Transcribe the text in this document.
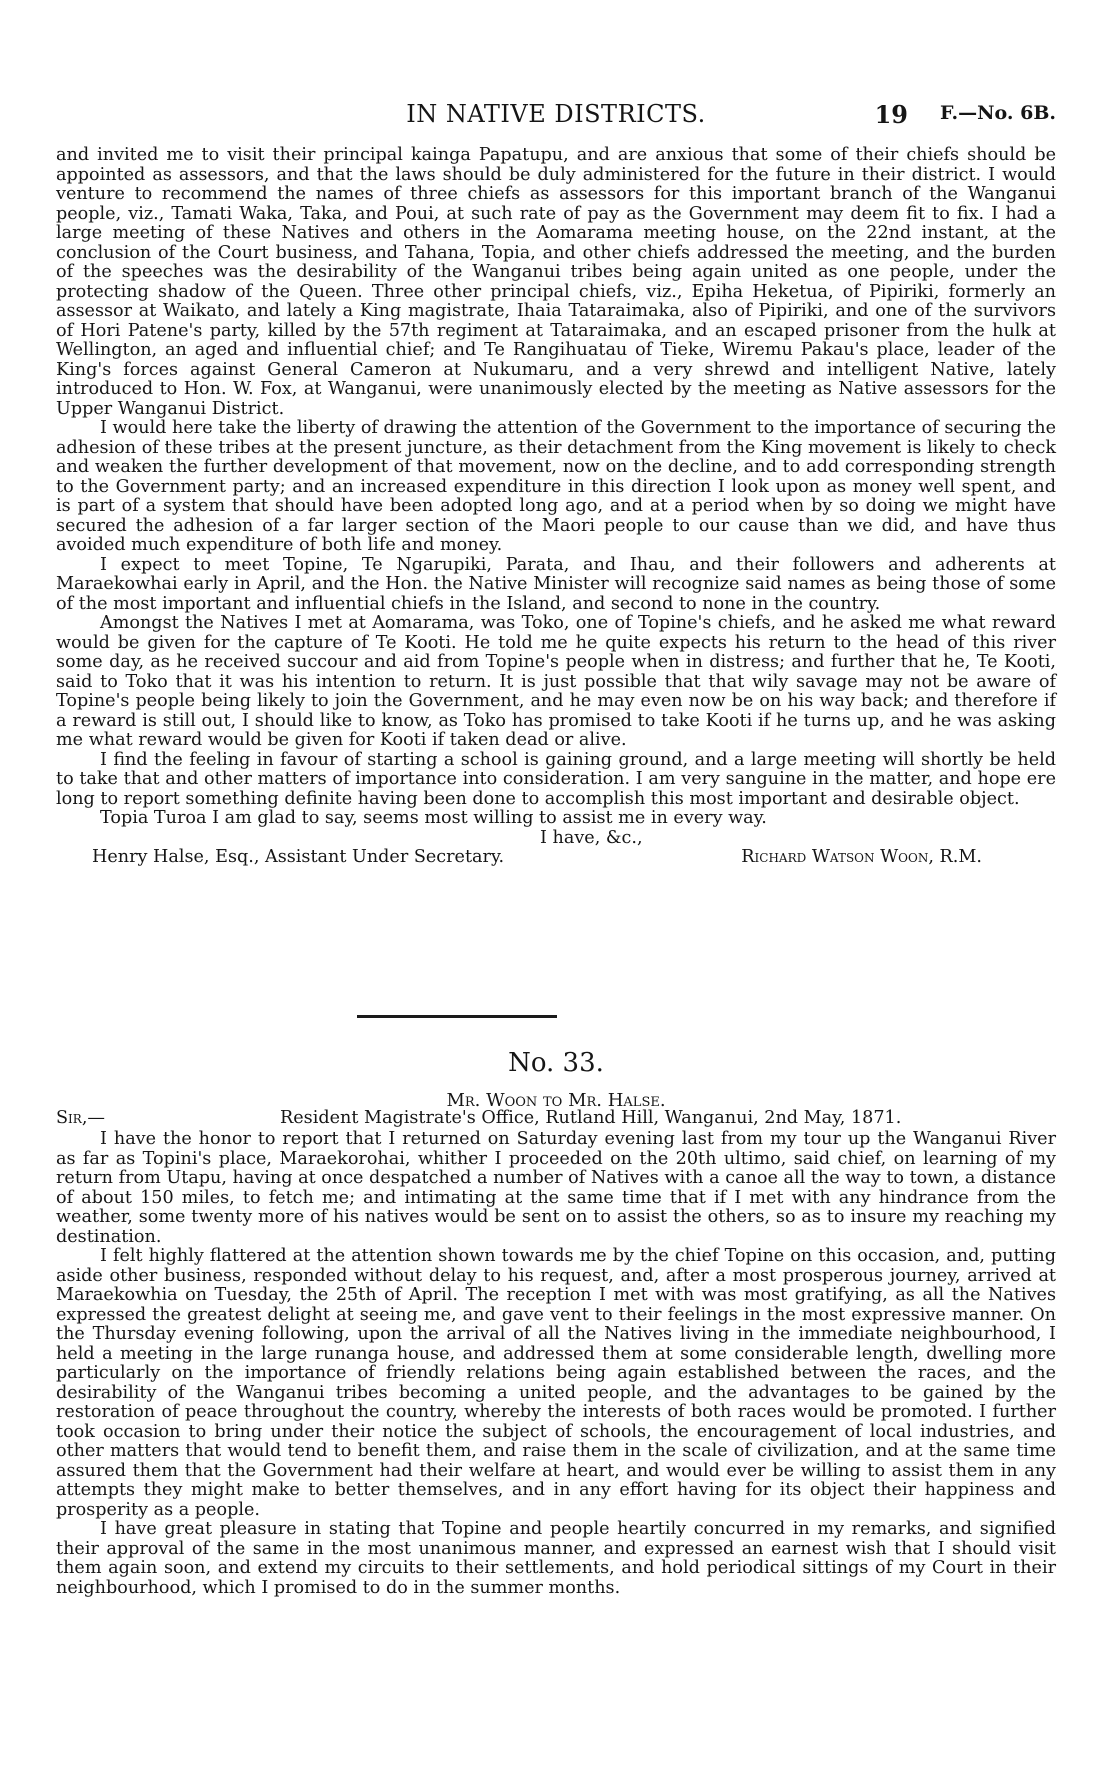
IN NATIVE DISTRICTS.	19 F.—No. 6B.

and invited me to visit their principal kainga Papatupu, and are anxious that some of their chiefs should be appointed as assessors, and that the laws should be duly administered for the future in their district. I would venture to recommend the names of three chiefs as assessors for this important branch of the Wanganui people, viz., Tamati Waka, Taka, and Poui, at such rate of pay as the Government may deem fit to fix. I had a large meeting of these Natives and others in the Aomarama meeting house, on the 22nd instant, at the conclusion of the Court business, and Tahana, Topia, and other chiefs addressed the meeting, and the burden of the speeches was the desirability of the Wanganui tribes being again united as one people, under the protecting shadow of the Queen. Three other principal chiefs, viz., Epiha Heketua, of Pipiriki, formerly an assessor at Waikato, and lately a King magistrate, Ihaia Tataraimaka, also of Pipiriki, and one of the survivors of Hori Patene's party, killed by the 57th regiment at Tataraimaka, and an escaped prisoner from the hulk at Wellington, an aged and influential chief; and Te Rangihuatau of Tieke, Wiremu Pakau's place, leader of the King's forces against General Cameron at Nukumaru, and a very shrewd and intelligent Native, lately introduced to Hon. W. Fox, at Wanganui, were unanimously elected by the meeting as Native assessors for the Upper Wanganui District.

I would here take the liberty of drawing the attention of the Government to the importance of securing the adhesion of these tribes at the present juncture, as their detachment from the King movement is likely to check and weaken the further development of that movement, now on the decline, and to add corresponding strength to the Government party; and an increased expenditure in this direction I look upon as money well spent, and is part of a system that should have been adopted long ago, and at a period when by so doing we might have secured the adhesion of a far larger section of the Maori people to our cause than we did, and have thus avoided much expenditure of both life and money.

I expect to meet Topine, Te Ngarupiki, Parata, and Ihau, and their followers and adherents at Maraekowhai early in April, and the Hon. the Native Minister will recognize said names as being those of some of the most important and influential chiefs in the Island, and second to none in the country.

Amongst the Natives I met at Aomarama, was Toko, one of Topine's chiefs, and he asked me what reward would be given for the capture of Te Kooti. He told me he quite expects his return to the head of this river some day, as he received succour and aid from Topine's people when in distress; and further that he, Te Kooti, said to Toko that it was his intention to return. It is just possible that that wily savage may not be aware of Topine's people being likely to join the Government, and he may even now be on his way back; and therefore if a reward is still out, I should like to know, as Toko has promised to take Kooti if he turns up, and he was asking me what reward would be given for Kooti if taken dead or alive.

I find the feeling in favour of starting a school is gaining ground, and a large meeting will shortly be held to take that and other matters of importance into consideration. I am very sanguine in the matter, and hope ere long to report something definite having been done to accomplish this most important and desirable object.

Topia Turoa I am glad to say, seems most willing to assist me in every way.

I have, &c.,
Henry Halse, Esq., Assistant Under Secretary.	Richard Watson Woon, R.M.
No. 33.
Mr. Woon to Mr. Halse.
Sir,—	Resident Magistrate's Office, Rutland Hill, Wanganui, 2nd May, 1871.

I have the honor to report that I returned on Saturday evening last from my tour up the Wanganui River as far as Topini's place, Maraekorohai, whither I proceeded on the 20th ultimo, said chief, on learning of my return from Utapu, having at once despatched a number of Natives with a canoe all the way to town, a distance of about 150 miles, to fetch me; and intimating at the same time that if I met with any hindrance from the weather, some twenty more of his natives would be sent on to assist the others, so as to insure my reaching my destination.

I felt highly flattered at the attention shown towards me by the chief Topine on this occasion, and, putting aside other business, responded without delay to his request, and, after a most prosperous journey, arrived at Maraekowhia on Tuesday, the 25th of April. The reception I met with was most gratifying, as all the Natives expressed the greatest delight at seeing me, and gave vent to their feelings in the most expressive manner. On the Thursday evening following, upon the arrival of all the Natives living in the immediate neighbourhood, I held a meeting in the large runanga house, and addressed them at some considerable length, dwelling more particularly on the importance of friendly relations being again established between the races, and the desirability of the Wanganui tribes becoming a united people, and the advantages to be gained by the restoration of peace throughout the country, whereby the interests of both races would be promoted. I further took occasion to bring under their notice the subject of schools, the encouragement of local industries, and other matters that would tend to benefit them, and raise them in the scale of civilization, and at the same time assured them that the Government had their welfare at heart, and would ever be willing to assist them in any attempts they might make to better themselves, and in any effort having for its object their happiness and prosperity as a people.

I have great pleasure in stating that Topine and people heartily concurred in my remarks, and signified their approval of the same in the most unanimous manner, and expressed an earnest wish that I should visit them again soon, and extend my circuits to their settlements, and hold periodical sittings of my Court in their neighbourhood, which I promised to do in the summer months.
